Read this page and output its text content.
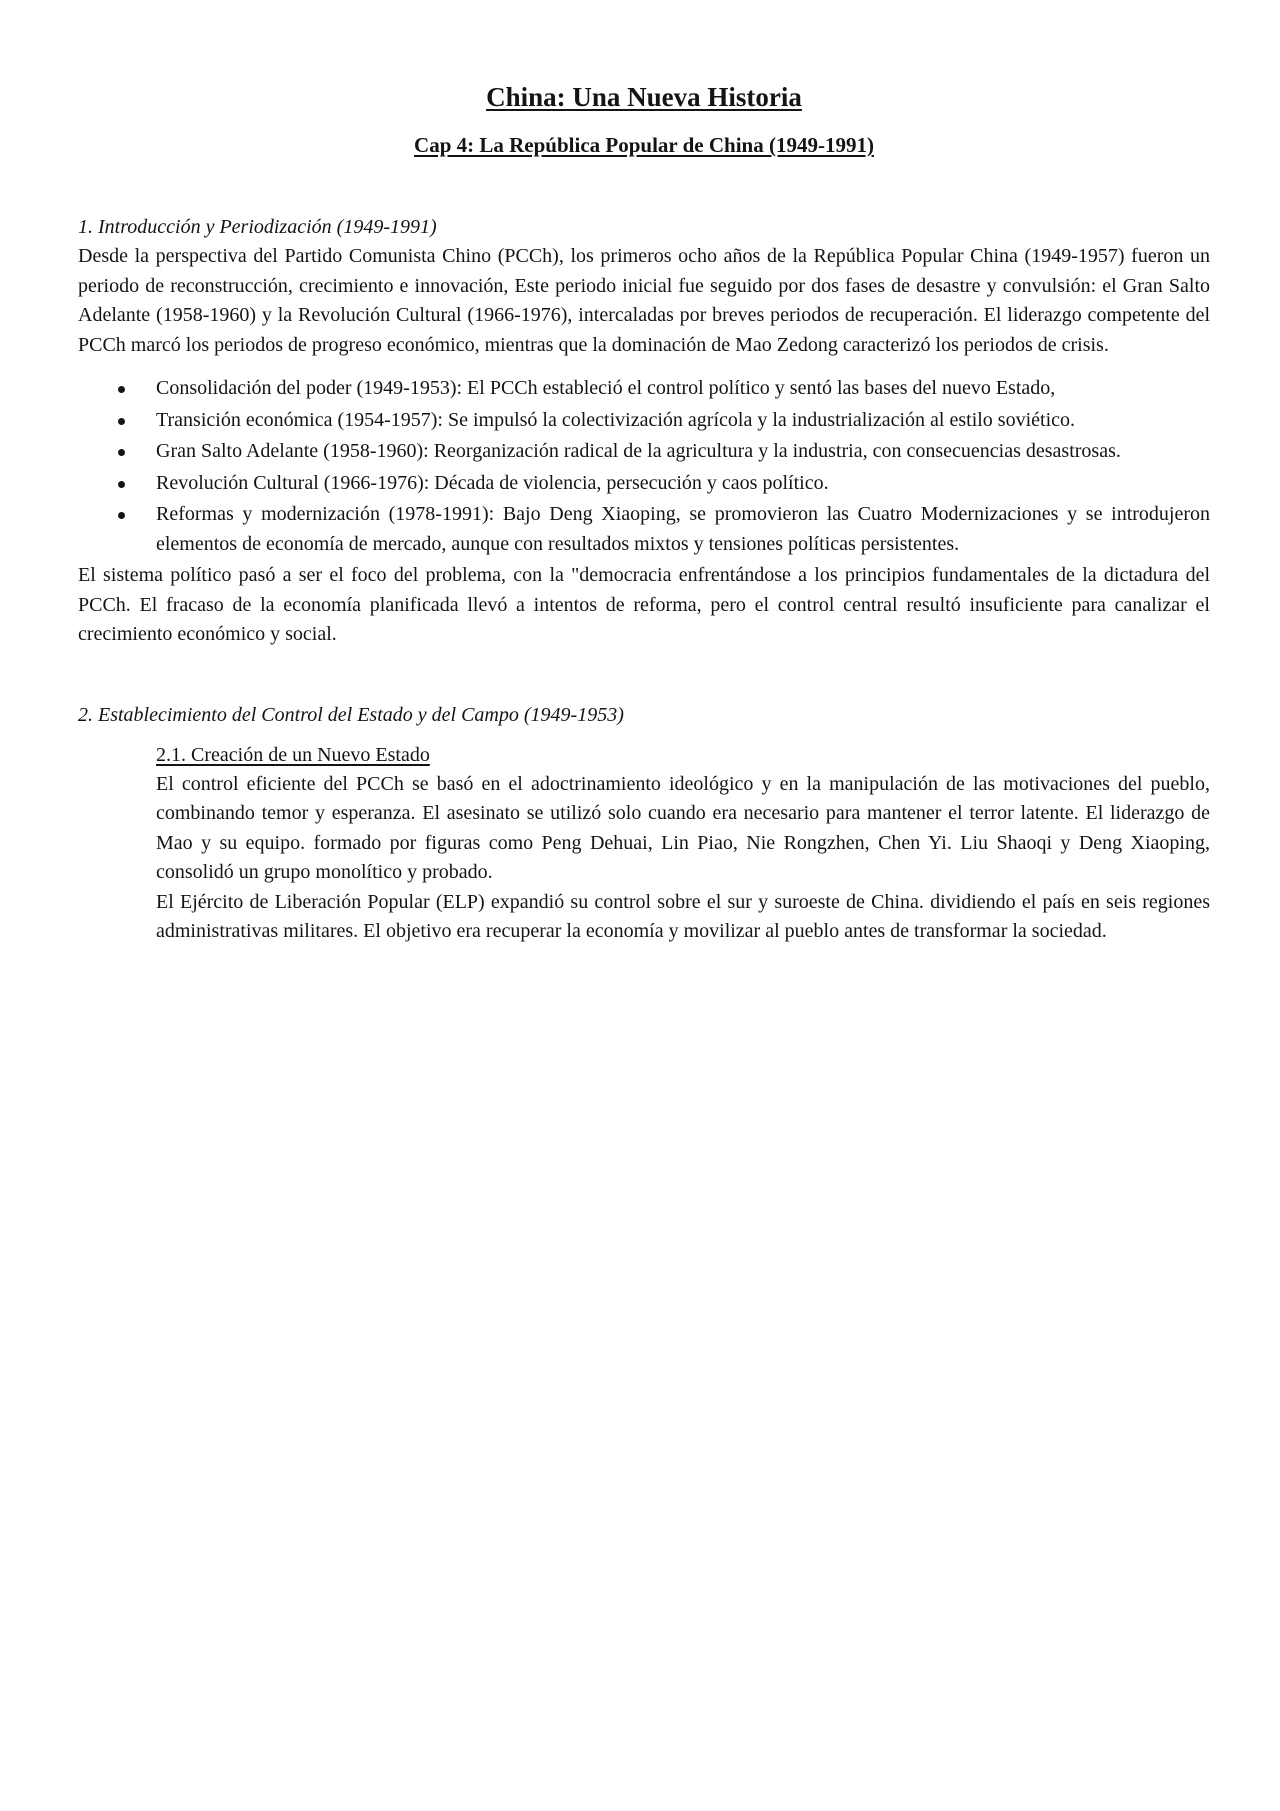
China: Una Nueva Historia
Cap 4: La República Popular de China (1949-1991)
1. Introducción y Periodización (1949-1991)

Desde la perspectiva del Partido Comunista Chino (PCCh), los primeros ocho años de la República Popular China (1949-1957) fueron un periodo de reconstrucción, crecimiento e innovación, Este periodo inicial fue seguido por dos fases de desastre y convulsión: el Gran Salto Adelante (1958-1960) y la Revolución Cultural (1966-1976), intercaladas por breves periodos de recuperación. El liderazgo competente del PCCh marcó los periodos de progreso económico, mientras que la dominación de Mao Zedong caracterizó los periodos de crisis.

Consolidación del poder (1949-1953): El PCCh estableció el control político y sentó las bases del nuevo Estado,
Transición económica (1954-1957): Se impulsó la colectivización agrícola y la industrialización al estilo soviético.
Gran Salto Adelante (1958-1960): Reorganización radical de la agricultura y la industria, con consecuencias desastrosas.
Revolución Cultural (1966-1976): Década de violencia, persecución y caos político.
Reformas y modernización (1978-1991): Bajo Deng Xiaoping, se promovieron las Cuatro Modernizaciones y se introdujeron elementos de economía de mercado, aunque con resultados mixtos y tensiones políticas persistentes.

El sistema político pasó a ser el foco del problema, con la "democracia enfrentándose a los principios fundamentales de la dictadura del PCCh. El fracaso de la economía planificada llevó a intentos de reforma, pero el control central resultó insuficiente para canalizar el crecimiento económico y social.

2. Establecimiento del Control del Estado y del Campo (1949-1953)
2.1. Creación de un Nuevo Estado

El control eficiente del PCCh se basó en el adoctrinamiento ideológico y en la manipulación de las motivaciones del pueblo, combinando temor y esperanza. El asesinato se utilizó solo cuando era necesario para mantener el terror latente. El liderazgo de Mao y su equipo. formado por figuras como Peng Dehuai, Lin Piao, Nie Rongzhen, Chen Yi. Liu Shaoqi y Deng Xiaoping, consolidó un grupo monolítico y probado.

El Ejército de Liberación Popular (ELP) expandió su control sobre el sur y suroeste de China. dividiendo el país en seis regiones administrativas militares. El objetivo era recuperar la economía y movilizar al pueblo antes de transformar la sociedad.
